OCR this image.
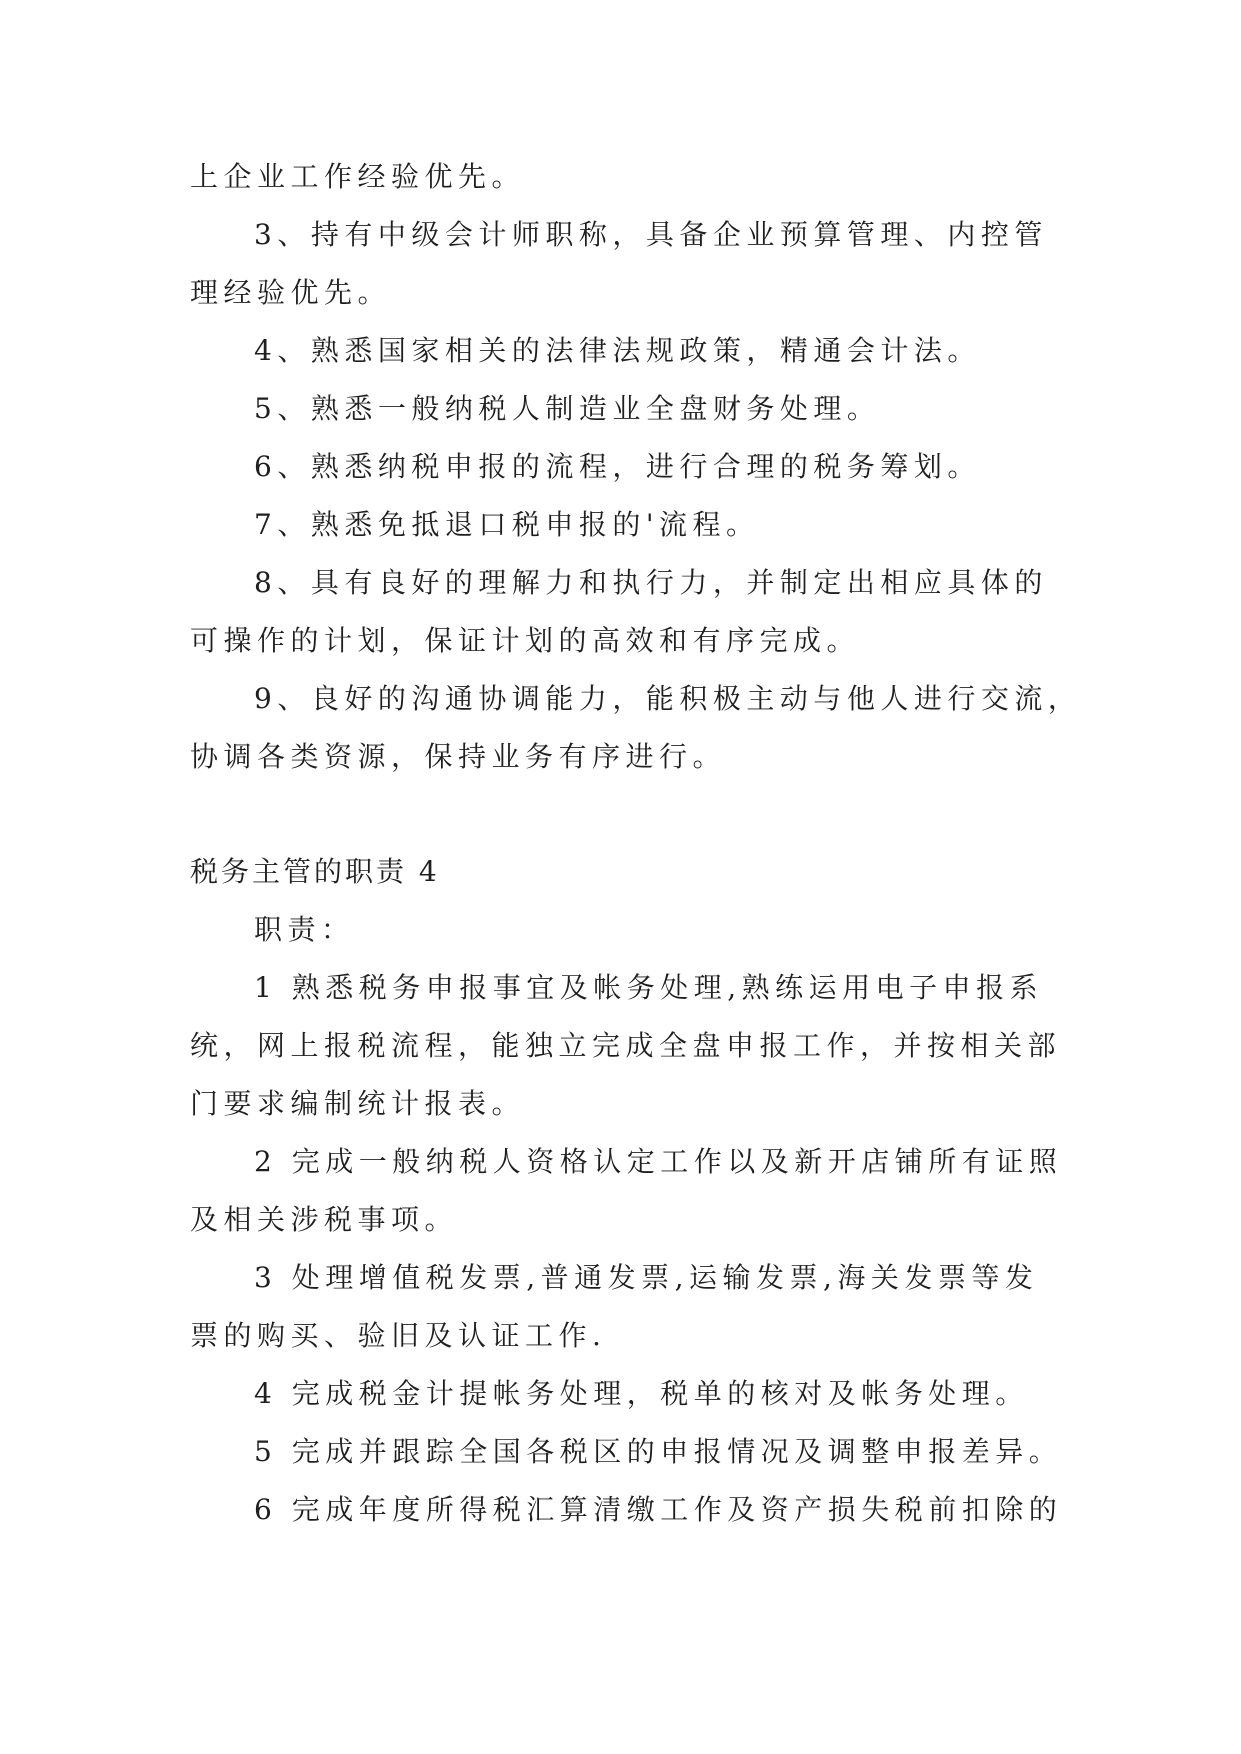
上企业工作经验优先。
3、持有中级会计师职称，具备企业预算管理、内控管
理经验优先。
4、熟悉国家相关的法律法规政策，精通会计法。
5、熟悉一般纳税人制造业全盘财务处理。
6、熟悉纳税申报的流程，进行合理的税务筹划。
7、熟悉免抵退口税申报的'流程。
8、具有良好的理解力和执行力，并制定出相应具体的
可操作的计划，保证计划的高效和有序完成。
9、良好的沟通协调能力，能积极主动与他人进行交流，
协调各类资源，保持业务有序进行。
税务主管的职责 4
职责：
1 熟悉税务申报事宜及帐务处理,熟练运用电子申报系
统，网上报税流程，能独立完成全盘申报工作，并按相关部
门要求编制统计报表。
2 完成一般纳税人资格认定工作以及新开店铺所有证照
及相关涉税事项。
3 处理增值税发票,普通发票,运输发票,海关发票等发
票的购买、验旧及认证工作.
4 完成税金计提帐务处理，税单的核对及帐务处理。
5 完成并跟踪全国各税区的申报情况及调整申报差异。
6 完成年度所得税汇算清缴工作及资产损失税前扣除的
